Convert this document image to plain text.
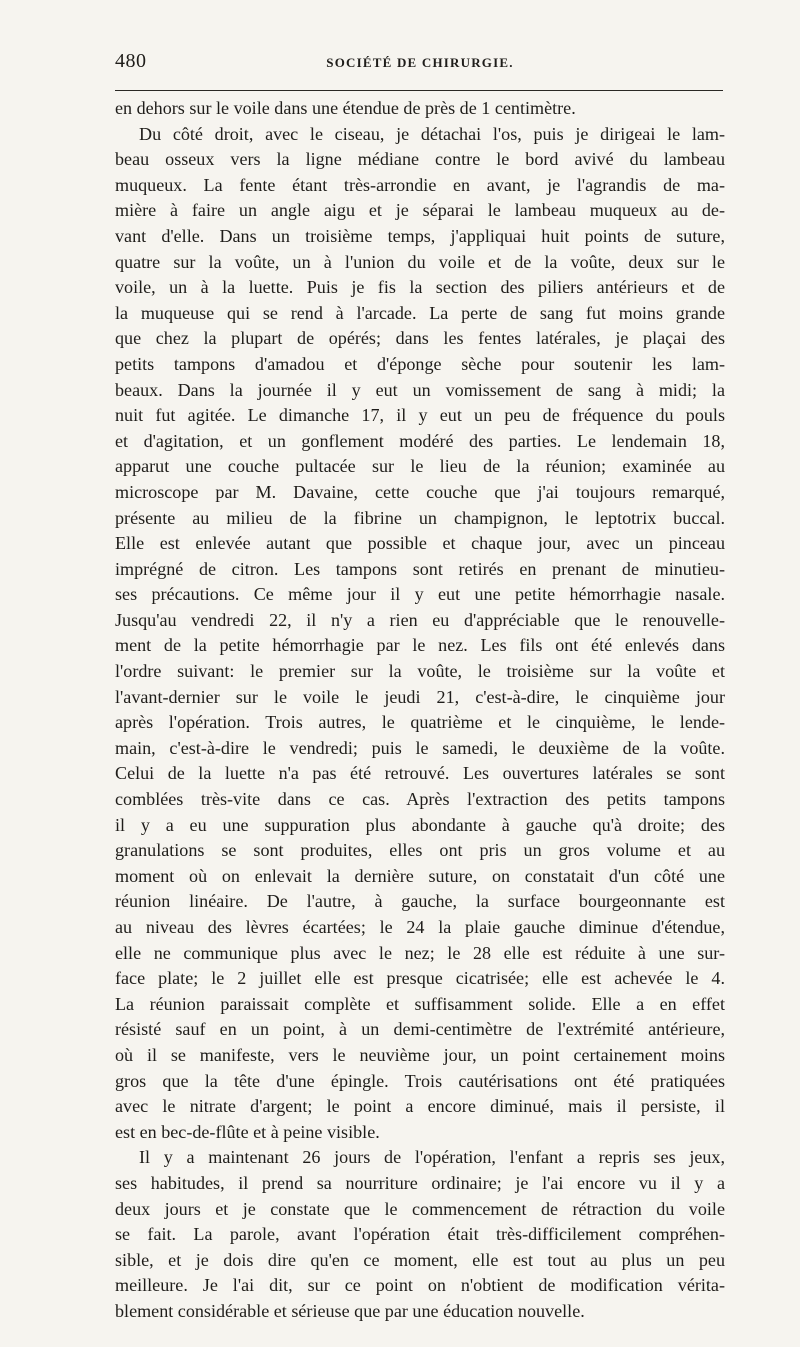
480	SOCIÉTÉ DE CHIRURGIE.
en dehors sur le voile dans une étendue de près de 1 centimètre.
Du côté droit, avec le ciseau, je détachai l'os, puis je dirigeai le lam-
beau osseux vers la ligne médiane contre le bord avivé du lambeau
muqueux. La fente étant très-arrondie en avant, je l'agrandis de ma-
mière à faire un angle aigu et je séparai le lambeau muqueux au de-
vant d'elle. Dans un troisième temps, j'appliquai huit points de suture,
quatre sur la voûte, un à l'union du voile et de la voûte, deux sur le
voile, un à la luette. Puis je fis la section des piliers antérieurs et de
la muqueuse qui se rend à l'arcade. La perte de sang fut moins grande
que chez la plupart de opérés; dans les fentes latérales, je plaçai des
petits tampons d'amadou et d'éponge sèche pour soutenir les lam-
beaux. Dans la journée il y eut un vomissement de sang à midi; la
nuit fut agitée. Le dimanche 17, il y eut un peu de fréquence du pouls
et d'agitation, et un gonflement modéré des parties. Le lendemain 18,
apparut une couche pultacée sur le lieu de la réunion; examinée au
microscope par M. Davaine, cette couche que j'ai toujours remarqué,
présente au milieu de la fibrine un champignon, le leptotrix buccal.
Elle est enlevée autant que possible et chaque jour, avec un pinceau
imprégné de citron. Les tampons sont retirés en prenant de minutieu-
ses précautions. Ce même jour il y eut une petite hémorrhagie nasale.
Jusqu'au vendredi 22, il n'y a rien eu d'appréciable que le renouvelle-
ment de la petite hémorrhagie par le nez. Les fils ont été enlevés dans
l'ordre suivant: le premier sur la voûte, le troisième sur la voûte et
l'avant-dernier sur le voile le jeudi 21, c'est-à-dire, le cinquième jour
après l'opération. Trois autres, le quatrième et le cinquième, le lende-
main, c'est-à-dire le vendredi; puis le samedi, le deuxième de la voûte.
Celui de la luette n'a pas été retrouvé. Les ouvertures latérales se sont
comblées très-vite dans ce cas. Après l'extraction des petits tampons
il y a eu une suppuration plus abondante à gauche qu'à droite; des
granulations se sont produites, elles ont pris un gros volume et au
moment où on enlevait la dernière suture, on constatait d'un côté une
réunion linéaire. De l'autre, à gauche, la surface bourgeonnante est
au niveau des lèvres écartées; le 24 la plaie gauche diminue d'étendue,
elle ne communique plus avec le nez; le 28 elle est réduite à une sur-
face plate; le 2 juillet elle est presque cicatrisée; elle est achevée le 4.
La réunion paraissait complète et suffisamment solide. Elle a en effet
résisté sauf en un point, à un demi-centimètre de l'extrémité antérieure,
où il se manifeste, vers le neuvième jour, un point certainement moins
gros que la tête d'une épingle. Trois cautérisations ont été pratiquées
avec le nitrate d'argent; le point a encore diminué, mais il persiste, il
est en bec-de-flûte et à peine visible.
Il y a maintenant 26 jours de l'opération, l'enfant a repris ses jeux,
ses habitudes, il prend sa nourriture ordinaire; je l'ai encore vu il y a
deux jours et je constate que le commencement de rétraction du voile
se fait. La parole, avant l'opération était très-difficilement compréhen-
sible, et je dois dire qu'en ce moment, elle est tout au plus un peu
meilleure. Je l'ai dit, sur ce point on n'obtient de modification vérita-
blement considérable et sérieuse que par une éducation nouvelle.
